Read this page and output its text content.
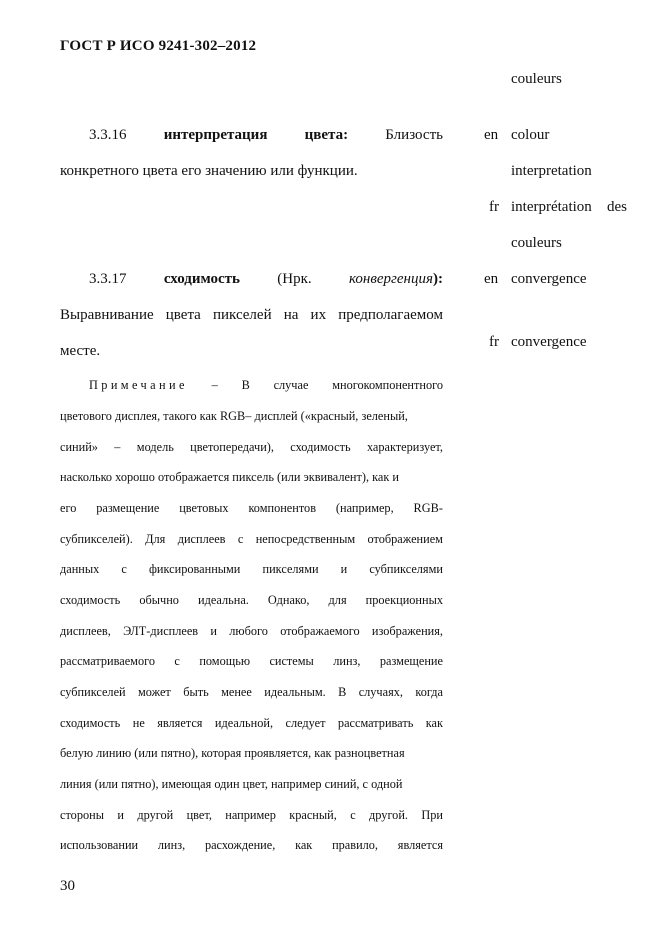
ГОСТ Р ИСО 9241-302–2012
couleurs
3.3.16 интерпретация цвета: Близость
конкретного цвета его значению или функции.
en colour
interpretation
fr interprétation des
couleurs
3.3.17 сходимость (Нрк. конвергенция):
Выравнивание цвета пикселей на их предполагаемом
месте.
en convergence
fr convergence
Примечание – В случае многокомпонентного
цветового дисплея, такого как RGB– дисплей («красный, зеленый,
синий» – модель цветопередачи), сходимость характеризует,
насколько хорошо отображается пиксель (или эквивалент), как и
его размещение цветовых компонентов (например, RGB-
субпикселей). Для дисплеев с непосредственным отображением
данных с фиксированными пикселями и субпикселями
сходимость обычно идеальна. Однако, для проекционных
дисплеев, ЭЛТ-дисплеев и любого отображаемого изображения,
рассматриваемого с помощью системы линз, размещение
субпикселей может быть менее идеальным. В случаях, когда
сходимость не является идеальной, следует рассматривать как
белую линию (или пятно), которая проявляется, как разноцветная
линия (или пятно), имеющая один цвет, например синий, с одной
стороны и другой цвет, например красный, с другой. При
использовании линз, расхождение, как правило, является
30
